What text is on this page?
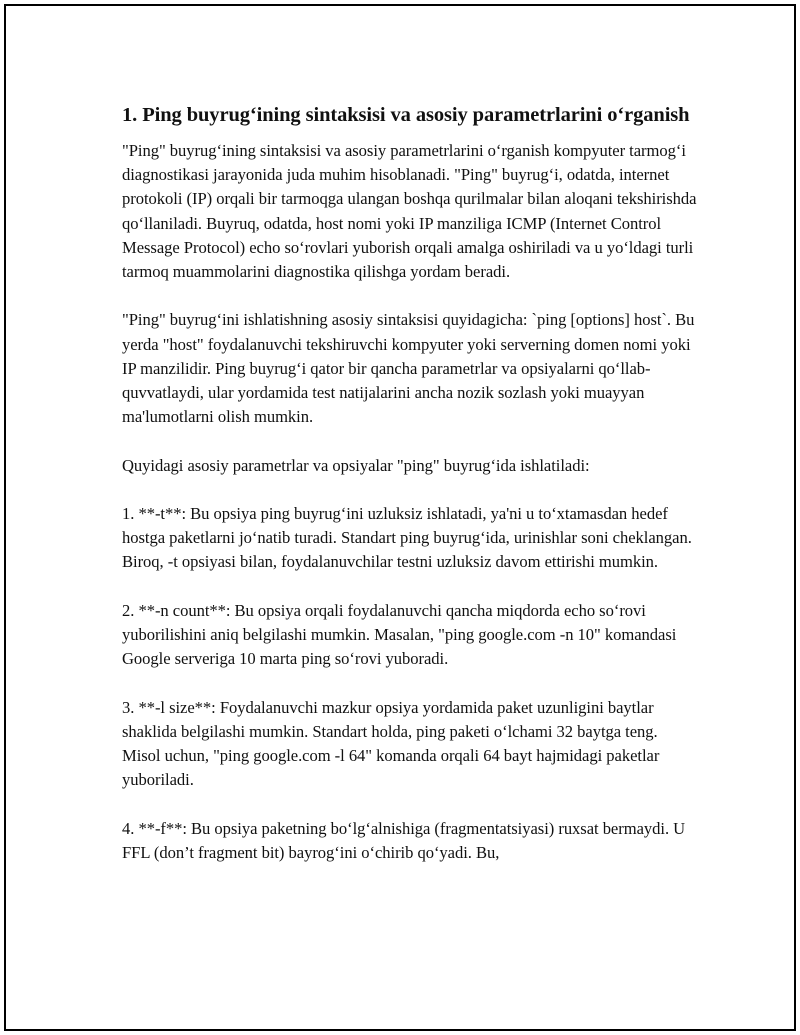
1. Ping buyrug‘ining sintaksisi va asosiy parametrlarini o‘rganish

"Ping" buyrug‘ining sintaksisi va asosiy parametrlarini o‘rganish kompyuter tarmog‘i diagnostikasi jarayonida juda muhim hisoblanadi. "Ping" buyrug‘i, odatda, internet protokoli (IP) orqali bir tarmoqga ulangan boshqa qurilmalar bilan aloqani tekshirishda qo‘llaniladi. Buyruq, odatda, host nomi yoki IP manziliga ICMP (Internet Control Message Protocol) echo so‘rovlari yuborish orqali amalga oshiriladi va u yo‘ldagi turli tarmoq muammolarini diagnostika qilishga yordam beradi.

"Ping" buyrug‘ini ishlatishning asosiy sintaksisi quyidagicha: `ping [options] host`. Bu yerda "host" foydalanuvchi tekshiruvchi kompyuter yoki serverning domen nomi yoki IP manzilidir. Ping buyrug‘i qator bir qancha parametrlar va opsiyalarni qo‘llab-quvvatlaydi, ular yordamida test natijalarini ancha nozik sozlash yoki muayyan ma'lumotlarni olish mumkin.

Quyidagi asosiy parametrlar va opsiyalar "ping" buyrug‘ida ishlatiladi:

1. **-t**: Bu opsiya ping buyrug‘ini uzluksiz ishlatadi, ya'ni u to‘xtamasdan hedef hostga paketlarni jo‘natib turadi. Standart ping buyrug‘ida, urinishlar soni cheklangan. Biroq, -t opsiyasi bilan, foydalanuvchilar testni uzluksiz davom ettirishi mumkin.

2. **-n count**: Bu opsiya orqali foydalanuvchi qancha miqdorda echo so‘rovi yuborilishini aniq belgilashi mumkin. Masalan, "ping google.com -n 10" komandasi Google serveriga 10 marta ping so‘rovi yuboradi.

3. **-l size**: Foydalanuvchi mazkur opsiya yordamida paket uzunligini baytlar shaklida belgilashi mumkin. Standart holda, ping paketi o‘lchami 32 baytga teng. Misol uchun, "ping google.com -l 64" komanda orqali 64 bayt hajmidagi paketlar yuboriladi.

4. **-f**: Bu opsiya paketning bo‘lg‘alnishiga (fragmentatsiyasi) ruxsat bermaydi. U FFL (don’t fragment bit) bayrog‘ini o‘chirib qo‘yadi. Bu,
